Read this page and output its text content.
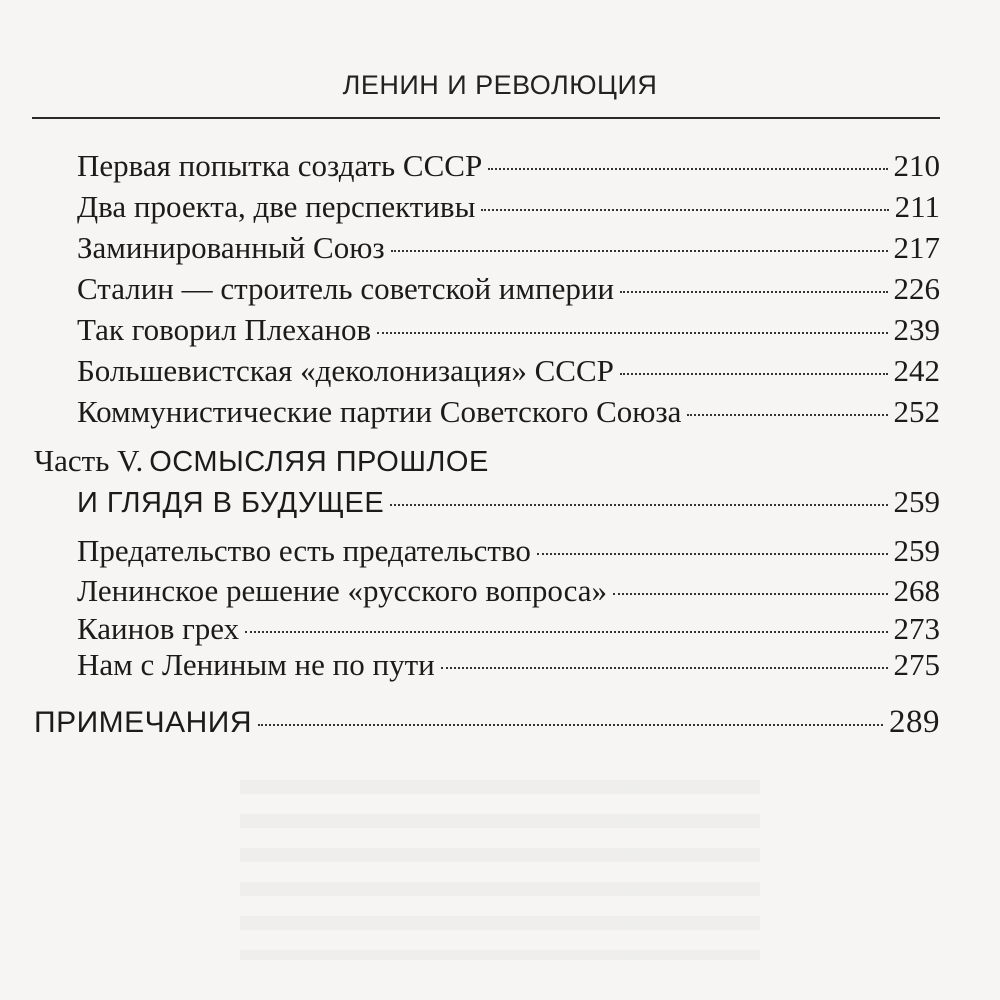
ЛЕНИН И РЕВОЛЮЦИЯ
Первая попытка создать СССР	210
Два проекта, две перспективы	211
Заминированный Союз	217
Сталин — строитель советской империи	226
Так говорил Плеханов	239
Большевистская «деколонизация» СССР	242
Коммунистические партии Советского Союза	252
Часть V. ОСМЫСЛЯЯ ПРОШЛОЕ
И ГЛЯДЯ В БУДУЩЕЕ	259
Предательство есть предательство	259
Ленинское решение «русского вопроса»	268
Каинов грех	273
Нам с Лениным не по пути	275
ПРИМЕЧАНИЯ	289
